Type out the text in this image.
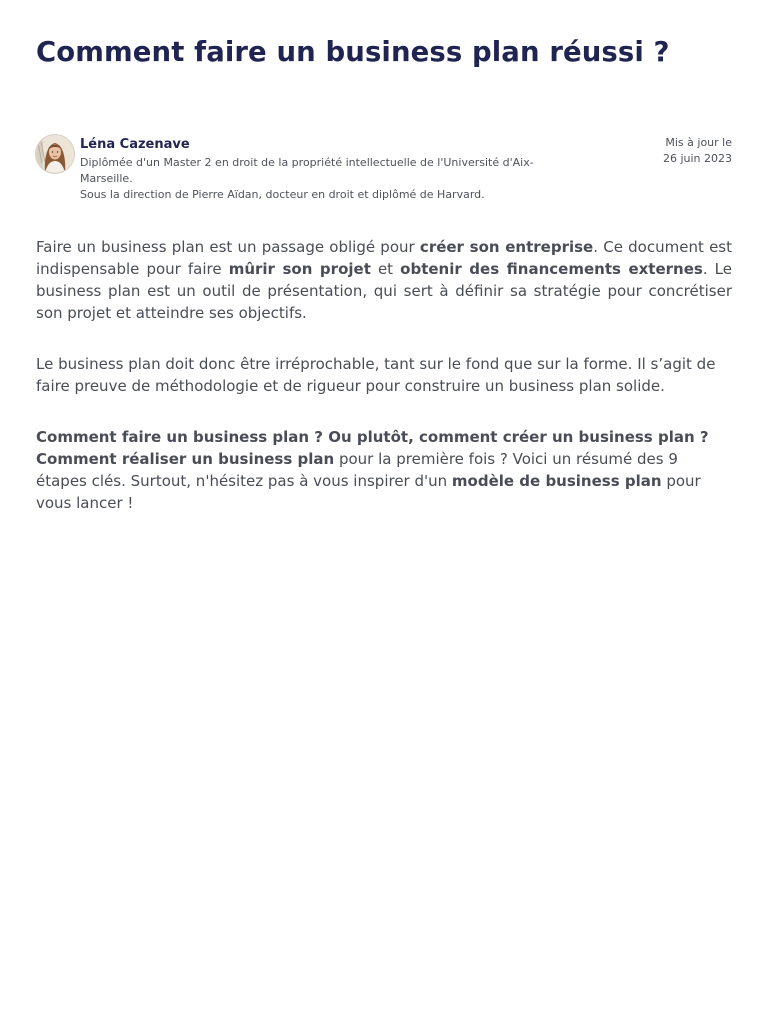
Comment faire un business plan réussi ?
Léna Cazenave
Diplômée d'un Master 2 en droit de la propriété intellectuelle de l'Université d'Aix-Marseille.
Sous la direction de Pierre Aïdan, docteur en droit et diplômé de Harvard.
Mis à jour le
26 juin 2023

Faire un business plan est un passage obligé pour créer son entreprise. Ce document est indispensable pour faire mûrir son projet et obtenir des financements externes. Le business plan est un outil de présentation, qui sert à définir sa stratégie pour concrétiser son projet et atteindre ses objectifs.

Le business plan doit donc être irréprochable, tant sur le fond que sur la forme. Il s’agit de faire preuve de méthodologie et de rigueur pour construire un business plan solide.

Comment faire un business plan ? Ou plutôt, comment créer un business plan ? Comment réaliser un business plan pour la première fois ? Voici un résumé des 9 étapes clés. Surtout, n'hésitez pas à vous inspirer d'un modèle de business plan pour vous lancer !
